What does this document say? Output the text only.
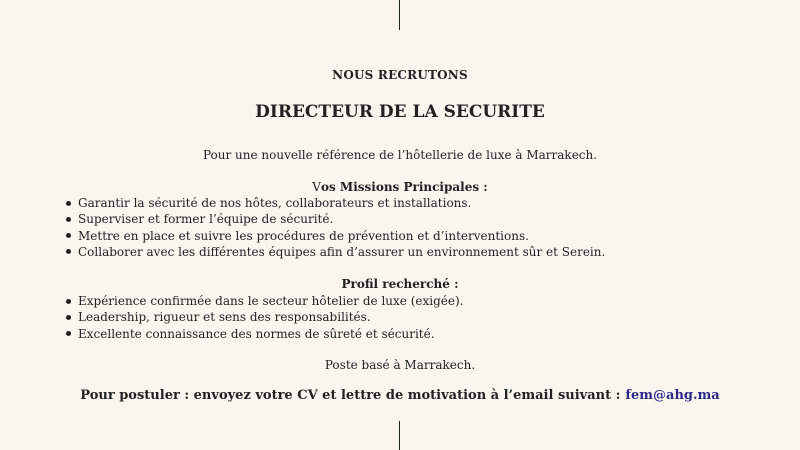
NOUS RECRUTONS
DIRECTEUR DE LA SECURITE
Pour une nouvelle référence de l’hôtellerie de luxe à Marrakech.
Vos Missions Principales :
Garantir la sécurité de nos hôtes, collaborateurs et installations.
Superviser et former l’équipe de sécurité.
Mettre en place et suivre les procédures de prévention et d’interventions.
Collaborer avec les différentes équipes afin d’assurer un environnement sûr et Serein.
Profil recherché :
Expérience confirmée dans le secteur hôtelier de luxe (exigée).
Leadership, rigueur et sens des responsabilités.
Excellente connaissance des normes de sûreté et sécurité.
Poste basé à Marrakech.
Pour postuler : envoyez votre CV et lettre de motivation à l’email suivant : fem@ahg.ma
